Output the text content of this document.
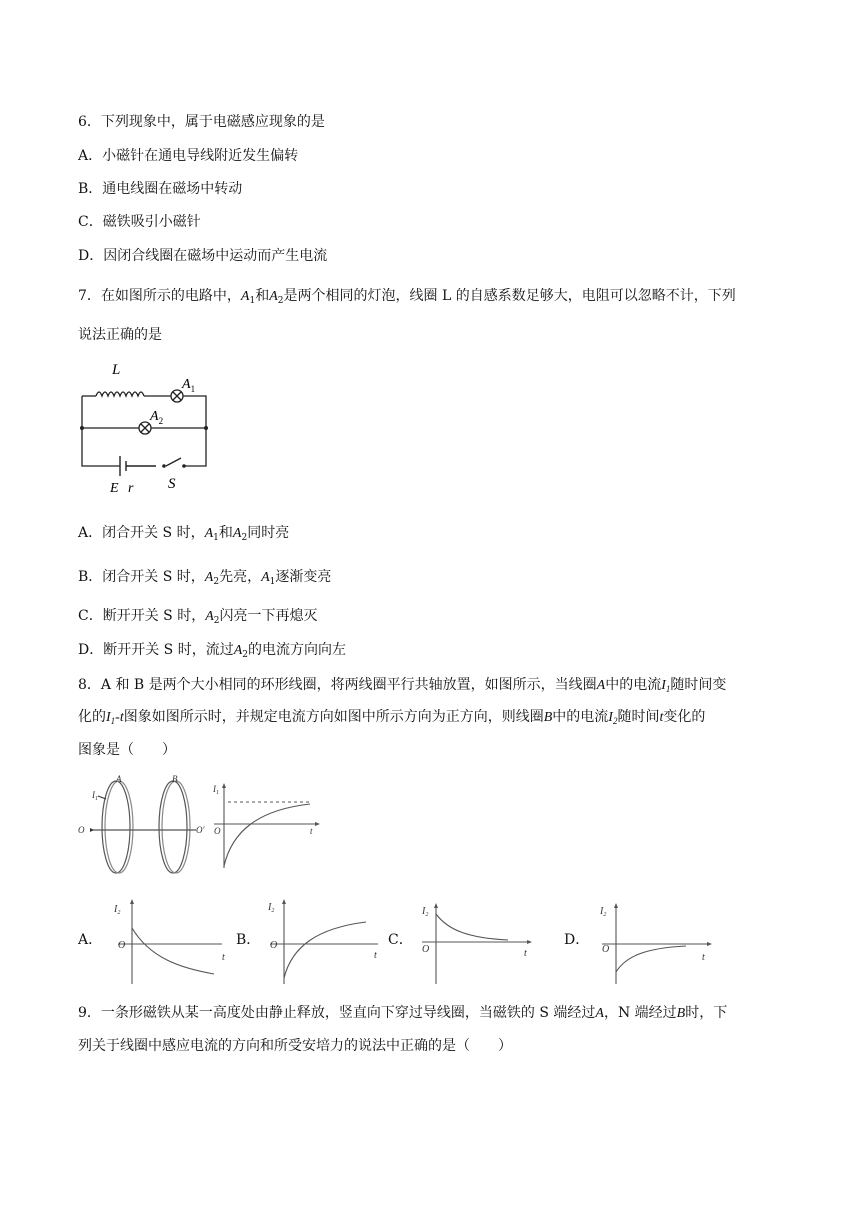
6．下列现象中，属于电磁感应现象的是
A．小磁针在通电导线附近发生偏转
B．通电线圈在磁场中转动
C．磁铁吸引小磁针
D．因闭合线圈在磁场中运动而产生电流
7．在如图所示的电路中，$A_1$和$A_2$是两个相同的灯泡，线圈 L 的自感系数足够大，电阻可以忽略不计，下列
说法正确的是
L
$A_1$
$A_2$
E r S
A．闭合开关 S 时，$A_1$和$A_2$同时亮
B．闭合开关 S 时，$A_2$先亮，$A_1$逐渐变亮
C．断开开关 S 时，$A_2$闪亮一下再熄灭
D．断开开关 S 时，流过$A_2$的电流方向向左
8．A 和 B 是两个大小相同的环形线圈，将两线圈平行共轴放置，如图所示，当线圈A中的电流$I_1$随时间变
化的$I_1-t$图象如图所示时，并规定电流方向如图中所示方向为正方向，则线圈B中的电流$I_2$随时间t变化的
图象是（　　）
A	B
$I_1$
O	O'
$I_1$
O	t
A．
$I_2$
O
t
B．
$I_2$
O
t
C．
$I_2$
O	t
D．
$I_2$
O
t
9．一条形磁铁从某一高度处由静止释放，竖直向下穿过导线圈，当磁铁的 S 端经过A，N 端经过B时，下
列关于线圈中感应电流的方向和所受安培力的说法中正确的是（　　）
